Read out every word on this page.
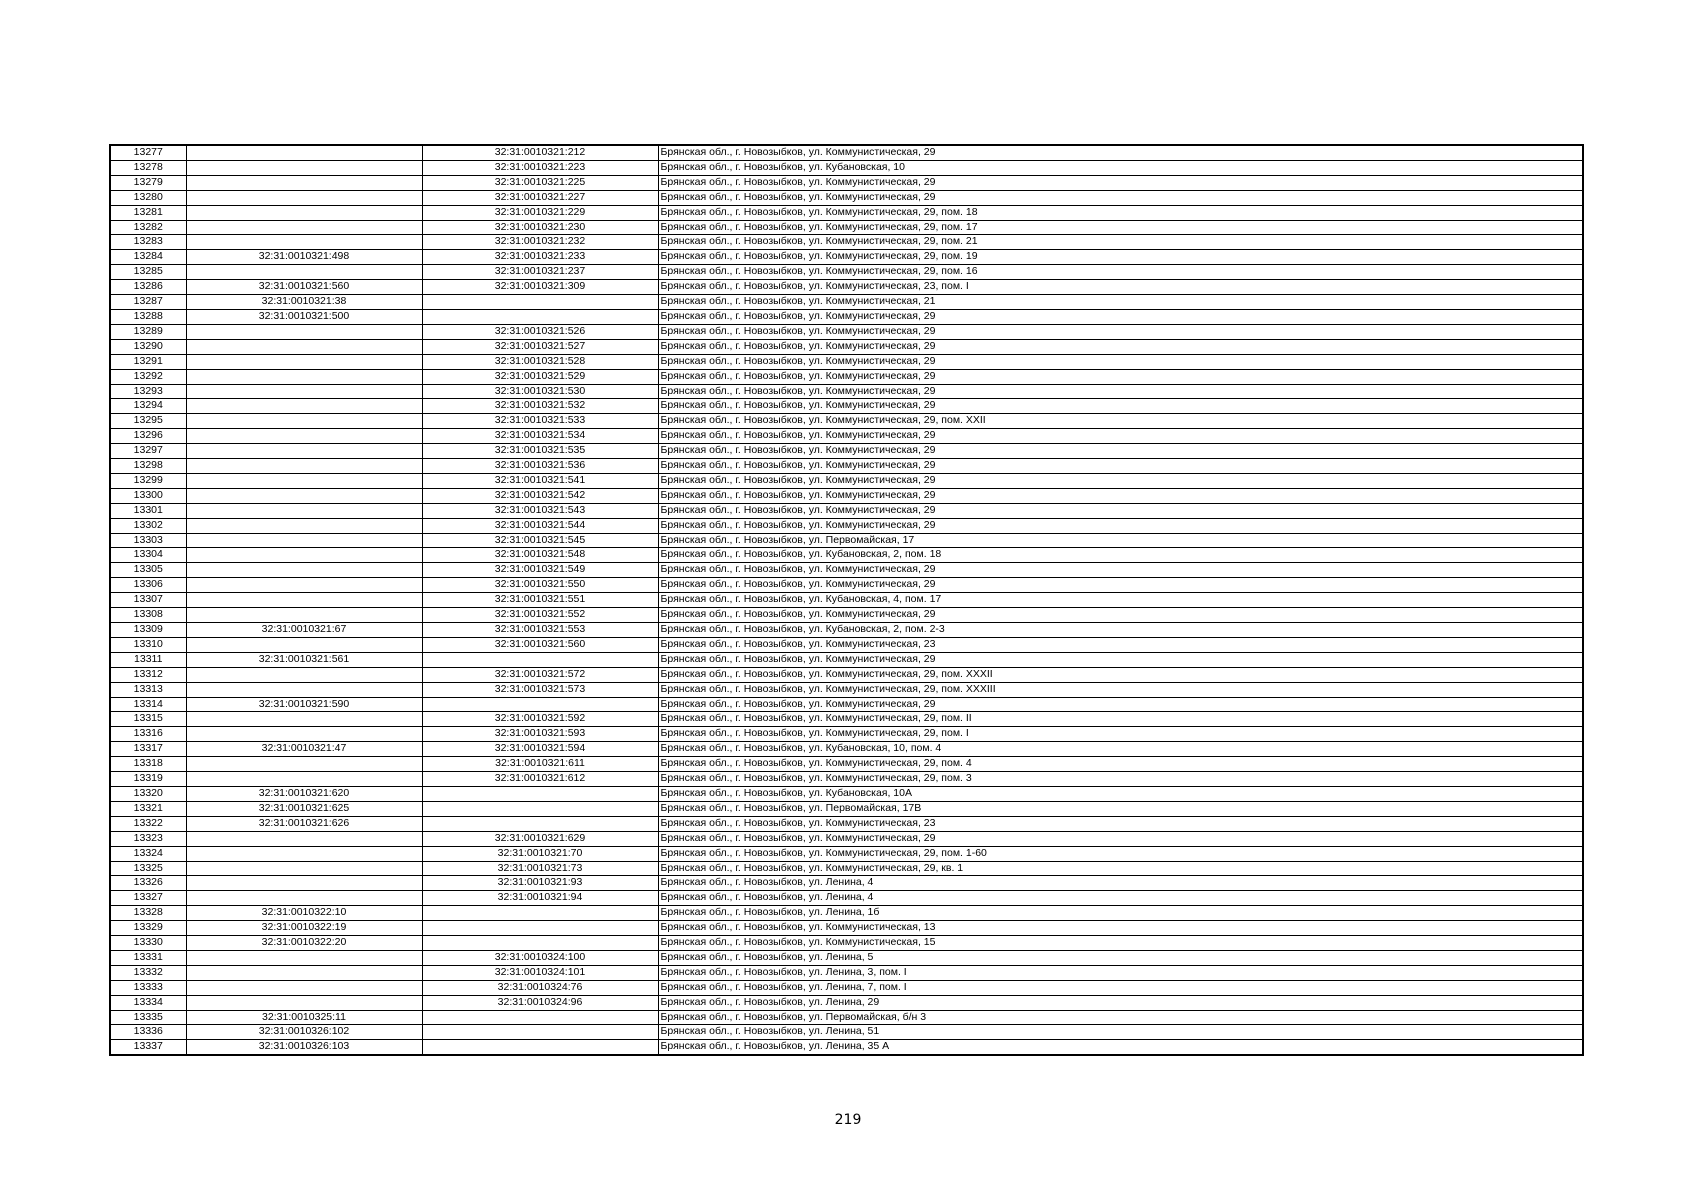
13277		32:31:0010321:212	Брянская обл., г. Новозыбков, ул. Коммунистическая, 29
13278		32:31:0010321:223	Брянская обл., г. Новозыбков, ул. Кубановская, 10
13279		32:31:0010321:225	Брянская обл., г. Новозыбков, ул. Коммунистическая, 29
13280		32:31:0010321:227	Брянская обл., г. Новозыбков, ул. Коммунистическая, 29
13281		32:31:0010321:229	Брянская обл., г. Новозыбков, ул. Коммунистическая, 29, пом. 18
13282		32:31:0010321:230	Брянская обл., г. Новозыбков, ул. Коммунистическая, 29, пом. 17
13283		32:31:0010321:232	Брянская обл., г. Новозыбков, ул. Коммунистическая, 29, пом. 21
13284	32:31:0010321:498	32:31:0010321:233	Брянская обл., г. Новозыбков, ул. Коммунистическая, 29, пом. 19
13285		32:31:0010321:237	Брянская обл., г. Новозыбков, ул. Коммунистическая, 29, пом. 16
13286	32:31:0010321:560	32:31:0010321:309	Брянская обл., г. Новозыбков, ул. Коммунистическая, 23, пом. I
13287	32:31:0010321:38		Брянская обл., г. Новозыбков, ул. Коммунистическая, 21
13288	32:31:0010321:500		Брянская обл., г. Новозыбков, ул. Коммунистическая, 29
13289		32:31:0010321:526	Брянская обл., г. Новозыбков, ул. Коммунистическая, 29
13290		32:31:0010321:527	Брянская обл., г. Новозыбков, ул. Коммунистическая, 29
13291		32:31:0010321:528	Брянская обл., г. Новозыбков, ул. Коммунистическая, 29
13292		32:31:0010321:529	Брянская обл., г. Новозыбков, ул. Коммунистическая, 29
13293		32:31:0010321:530	Брянская обл., г. Новозыбков, ул. Коммунистическая, 29
13294		32:31:0010321:532	Брянская обл., г. Новозыбков, ул. Коммунистическая, 29
13295		32:31:0010321:533	Брянская обл., г. Новозыбков, ул. Коммунистическая, 29, пом. XXII
13296		32:31:0010321:534	Брянская обл., г. Новозыбков, ул. Коммунистическая, 29
13297		32:31:0010321:535	Брянская обл., г. Новозыбков, ул. Коммунистическая, 29
13298		32:31:0010321:536	Брянская обл., г. Новозыбков, ул. Коммунистическая, 29
13299		32:31:0010321:541	Брянская обл., г. Новозыбков, ул. Коммунистическая, 29
13300		32:31:0010321:542	Брянская обл., г. Новозыбков, ул. Коммунистическая, 29
13301		32:31:0010321:543	Брянская обл., г. Новозыбков, ул. Коммунистическая, 29
13302		32:31:0010321:544	Брянская обл., г. Новозыбков, ул. Коммунистическая, 29
13303		32:31:0010321:545	Брянская обл., г. Новозыбков, ул. Первомайская, 17
13304		32:31:0010321:548	Брянская обл., г. Новозыбков, ул. Кубановская, 2, пом. 18
13305		32:31:0010321:549	Брянская обл., г. Новозыбков, ул. Коммунистическая, 29
13306		32:31:0010321:550	Брянская обл., г. Новозыбков, ул. Коммунистическая, 29
13307		32:31:0010321:551	Брянская обл., г. Новозыбков, ул. Кубановская, 4, пом. 17
13308		32:31:0010321:552	Брянская обл., г. Новозыбков, ул. Коммунистическая, 29
13309	32:31:0010321:67	32:31:0010321:553	Брянская обл., г. Новозыбков, ул. Кубановская, 2, пом. 2-3
13310		32:31:0010321:560	Брянская обл., г. Новозыбков, ул. Коммунистическая, 23
13311	32:31:0010321:561		Брянская обл., г. Новозыбков, ул. Коммунистическая, 29
13312		32:31:0010321:572	Брянская обл., г. Новозыбков, ул. Коммунистическая, 29, пом. XXXII
13313		32:31:0010321:573	Брянская обл., г. Новозыбков, ул. Коммунистическая, 29, пом. XXXIII
13314	32:31:0010321:590		Брянская обл., г. Новозыбков, ул. Коммунистическая, 29
13315		32:31:0010321:592	Брянская обл., г. Новозыбков, ул. Коммунистическая, 29, пом. II
13316		32:31:0010321:593	Брянская обл., г. Новозыбков, ул. Коммунистическая, 29, пом. I
13317	32:31:0010321:47	32:31:0010321:594	Брянская обл., г. Новозыбков, ул. Кубановская, 10, пом. 4
13318		32:31:0010321:611	Брянская обл., г. Новозыбков, ул. Коммунистическая, 29, пом. 4
13319		32:31:0010321:612	Брянская обл., г. Новозыбков, ул. Коммунистическая, 29, пом. 3
13320	32:31:0010321:620		Брянская обл., г. Новозыбков, ул. Кубановская, 10А
13321	32:31:0010321:625		Брянская обл., г. Новозыбков, ул. Первомайская, 17В
13322	32:31:0010321:626		Брянская обл., г. Новозыбков, ул. Коммунистическая, 23
13323		32:31:0010321:629	Брянская обл., г. Новозыбков, ул. Коммунистическая, 29
13324		32:31:0010321:70	Брянская обл., г. Новозыбков, ул. Коммунистическая, 29, пом. 1-60
13325		32:31:0010321:73	Брянская обл., г. Новозыбков, ул. Коммунистическая, 29, кв. 1
13326		32:31:0010321:93	Брянская обл., г. Новозыбков, ул. Ленина, 4
13327		32:31:0010321:94	Брянская обл., г. Новозыбков, ул. Ленина, 4
13328	32:31:0010322:10		Брянская обл., г. Новозыбков, ул. Ленина, 1б
13329	32:31:0010322:19		Брянская обл., г. Новозыбков, ул. Коммунистическая, 13
13330	32:31:0010322:20		Брянская обл., г. Новозыбков, ул. Коммунистическая, 15
13331		32:31:0010324:100	Брянская обл., г. Новозыбков, ул. Ленина, 5
13332		32:31:0010324:101	Брянская обл., г. Новозыбков, ул. Ленина, 3, пом. I
13333		32:31:0010324:76	Брянская обл., г. Новозыбков, ул. Ленина, 7, пом. I
13334		32:31:0010324:96	Брянская обл., г. Новозыбков, ул. Ленина, 29
13335	32:31:0010325:11		Брянская обл., г. Новозыбков, ул. Первомайская, б/н 3
13336	32:31:0010326:102		Брянская обл., г. Новозыбков, ул. Ленина, 51
13337	32:31:0010326:103		Брянская обл., г. Новозыбков, ул. Ленина, 35 А
219
